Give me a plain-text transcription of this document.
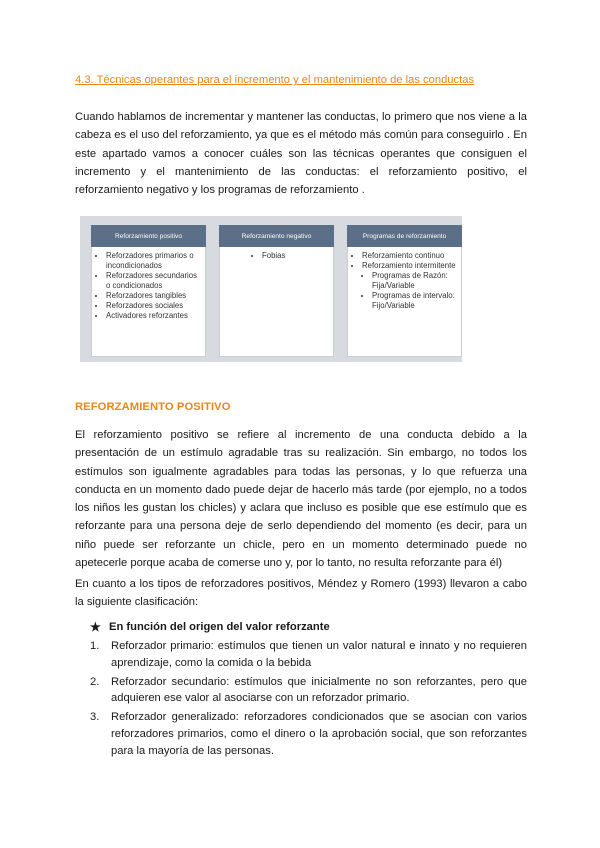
4.3. Técnicas operantes para el incremento y el mantenimiento de las conductas

Cuando hablamos de incrementar y mantener las conductas, lo primero que nos viene a la cabeza es el uso del reforzamiento, ya que es el método más común para conseguirlo . En este apartado vamos a conocer cuáles son las técnicas operantes que consiguen el incremento y el mantenimiento de las conductas: el reforzamiento positivo, el reforzamiento negativo y los programas de reforzamiento .

Reforzamiento positivo
• Reforzadores primarios o incondicionados
• Reforzadores secundarios o condicionados
• Reforzadores tangibles
• Reforzadores sociales
• Activadores reforzantes
Reforzamiento negativo
• Fobias
Programas de reforzamiento
• Reforzamiento continuo
• Reforzamiento intermitente
• Programas de Razón: Fija/Variable
• Programas de intervalo: Fijo/Variable
REFORZAMIENTO POSITIVO

El reforzamiento positivo se refiere al incremento de una conducta debido a la presentación de un estímulo agradable tras su realización. Sin embargo, no todos los estímulos son igualmente agradables para todas las personas, y lo que refuerza una conducta en un momento dado puede dejar de hacerlo más tarde (por ejemplo, no a todos los niños les gustan los chicles) y aclara que incluso es posible que ese estímulo que es reforzante para una persona deje de serlo dependiendo del momento (es decir, para un niño puede ser reforzante un chicle, pero en un momento determinado puede no apetecerle porque acaba de comerse uno y, por lo tanto, no resulta reforzante para él)

En cuanto a los tipos de reforzadores positivos, Méndez y Romero (1993) llevaron a cabo la siguiente clasificación:

★ En función del origen del valor reforzante
1. Reforzador primario: estímulos que tienen un valor natural e innato y no requieren aprendizaje, como la comida o la bebida
2. Reforzador secundario: estímulos que inicialmente no son reforzantes, pero que adquieren ese valor al asociarse con un reforzador primario.
3. Reforzador generalizado: reforzadores condicionados que se asocian con varios reforzadores primarios, como el dinero o la aprobación social, que son reforzantes para la mayoría de las personas.
